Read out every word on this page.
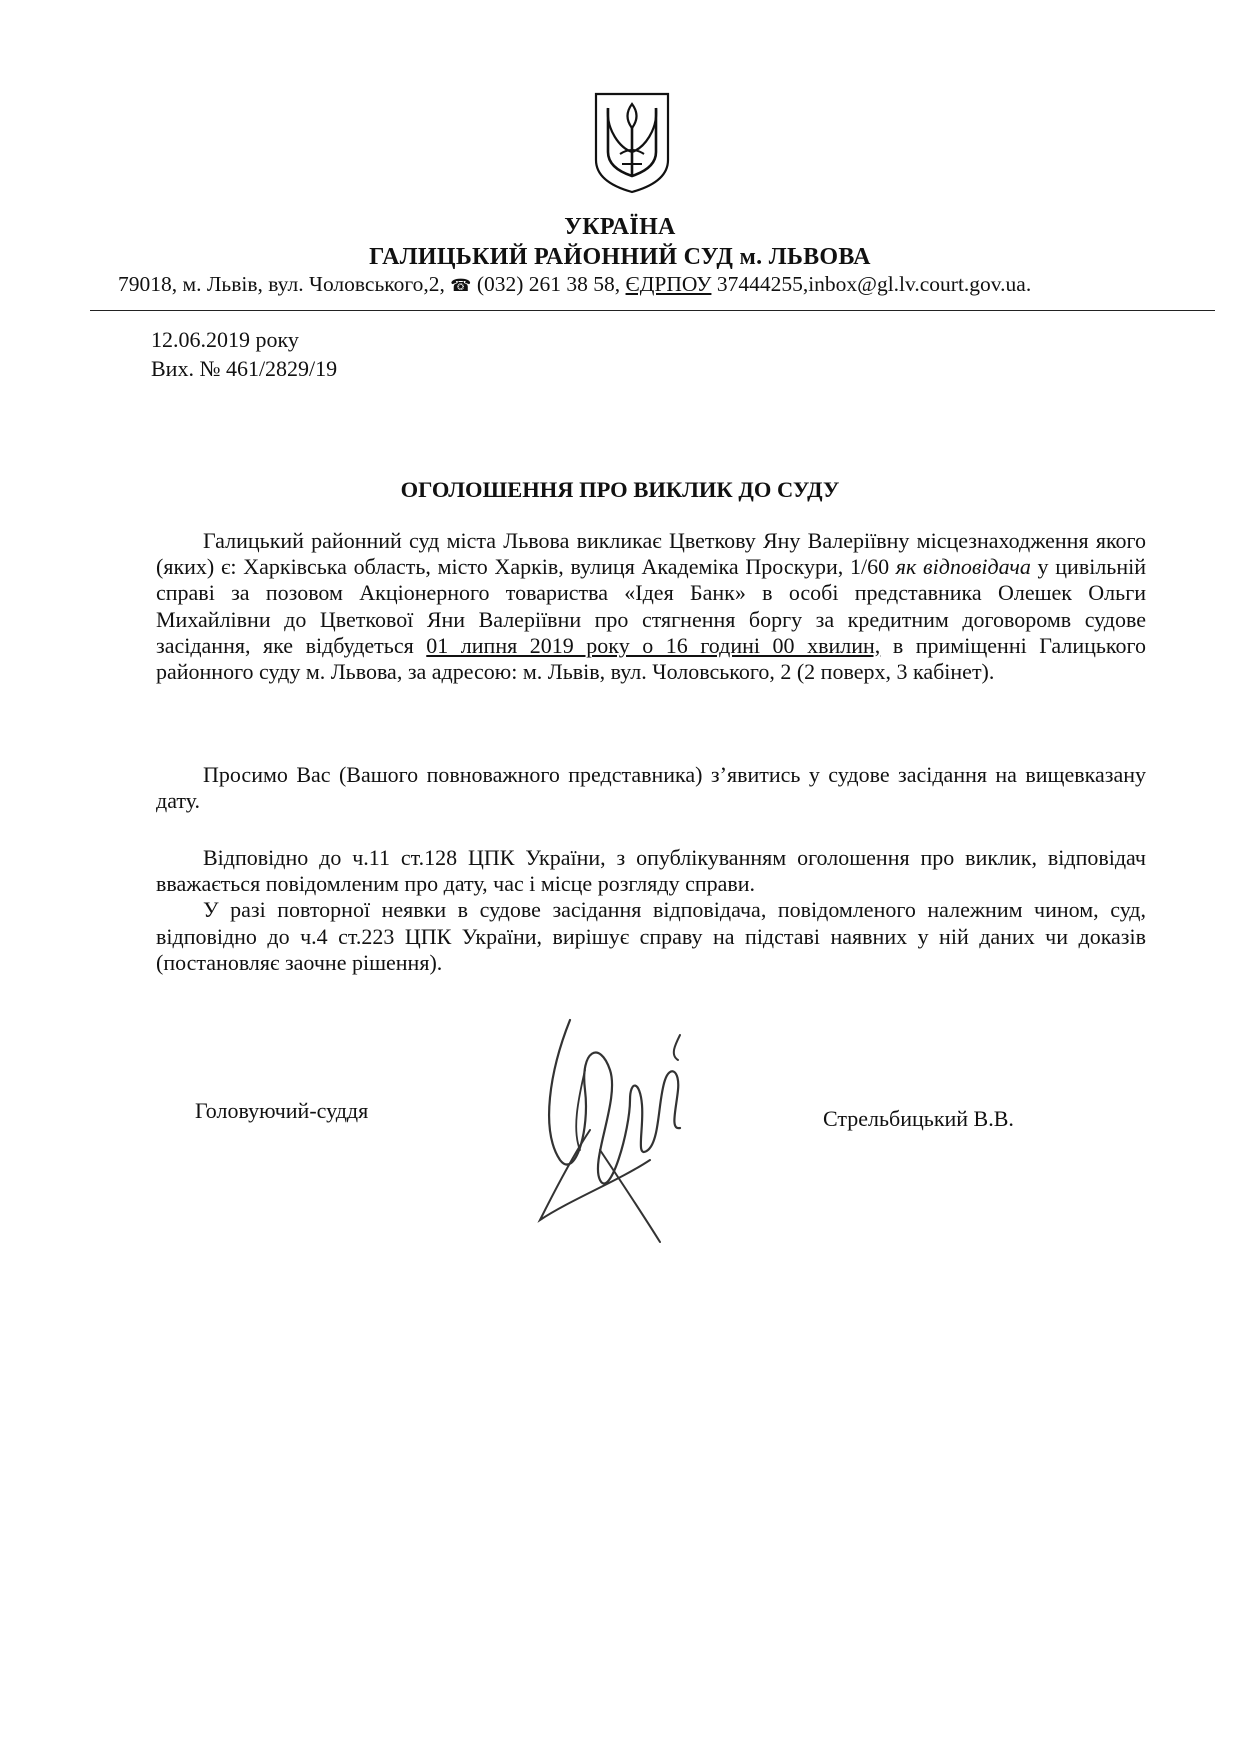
УКРАЇНА
ГАЛИЦЬКИЙ РАЙОННИЙ СУД м. ЛЬВОВА
79018, м. Львів, вул. Чоловського,2, ☎ (032) 261 38 58, ЄДРПОУ 37444255,inbox@gl.lv.court.gov.ua.
12.06.2019 року
Вих. № 461/2829/19
ОГОЛОШЕННЯ ПРО ВИКЛИК ДО СУДУ

Галицький районний суд міста Львова викликає Цветкову Яну Валеріївну місцезнаходження якого (яких) є: Харківська область, місто Харків, вулиця Академіка Проскури, 1/60 як відповідача у цивільній справі за позовом Акціонерного товариства «Ідея Банк» в особі представника Олешек Ольги Михайлівни до Цветкової Яни Валеріївни про стягнення боргу за кредитним договоромв судове засідання, яке відбудеться 01 липня 2019 року о 16 годині 00 хвилин, в приміщенні Галицького районного суду м. Львова, за адресою: м. Львів, вул. Чоловського, 2 (2 поверх, 3 кабінет).

Просимо Вас (Вашого повноважного представника) з’явитись у судове засідання на вищевказану дату.

Відповідно до ч.11 ст.128 ЦПК України, з опублікуванням оголошення про виклик, відповідач вважається повідомленим про дату, час і місце розгляду справи.

У разі повторної неявки в судове засідання відповідача, повідомленого належним чином, суд, відповідно до ч.4 ст.223 ЦПК України, вирішує справу на підставі наявних у ній даних чи доказів (постановляє заочне рішення).

Головуючий-суддя	Стрельбицький В.В.
